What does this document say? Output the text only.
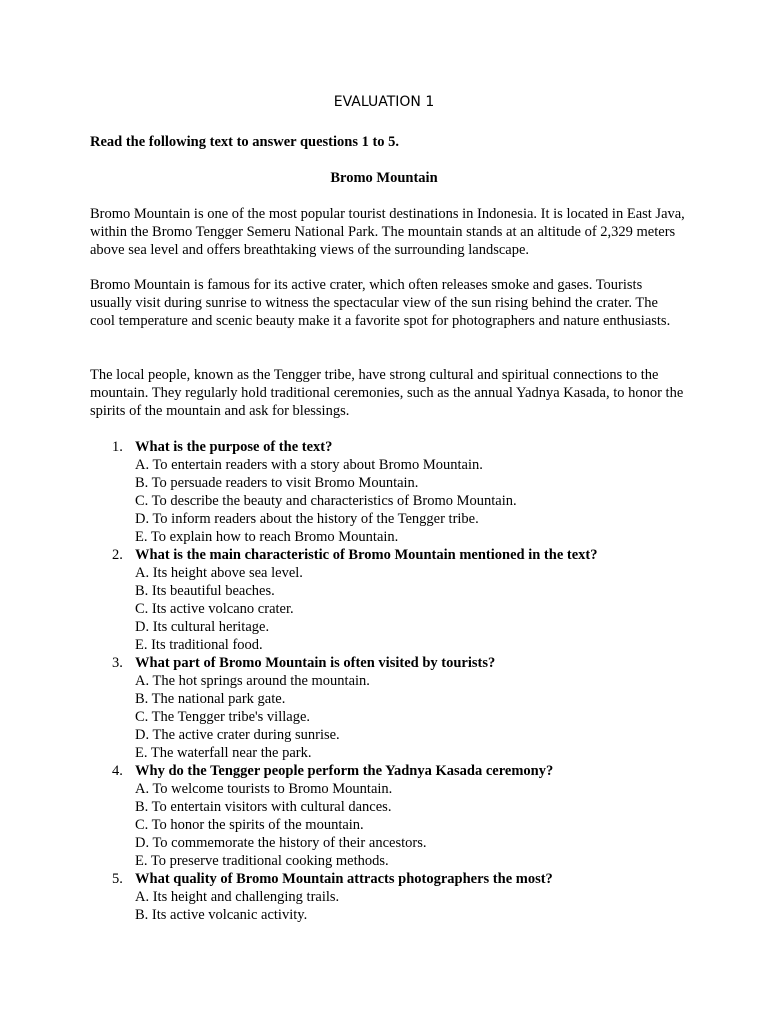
EVALUATION 1
Read the following text to answer questions 1 to 5.
Bromo Mountain

Bromo Mountain is one of the most popular tourist destinations in Indonesia. It is located in East Java, within the Bromo Tengger Semeru National Park. The mountain stands at an altitude of 2,329 meters above sea level and offers breathtaking views of the surrounding landscape.

Bromo Mountain is famous for its active crater, which often releases smoke and gases. Tourists usually visit during sunrise to witness the spectacular view of the sun rising behind the crater. The cool temperature and scenic beauty make it a favorite spot for photographers and nature enthusiasts.

The local people, known as the Tengger tribe, have strong cultural and spiritual connections to the mountain. They regularly hold traditional ceremonies, such as the annual Yadnya Kasada, to honor the spirits of the mountain and ask for blessings.

1. What is the purpose of the text?
A. To entertain readers with a story about Bromo Mountain.
B. To persuade readers to visit Bromo Mountain.
C. To describe the beauty and characteristics of Bromo Mountain.
D. To inform readers about the history of the Tengger tribe.
E. To explain how to reach Bromo Mountain.
2. What is the main characteristic of Bromo Mountain mentioned in the text?
A. Its height above sea level.
B. Its beautiful beaches.
C. Its active volcano crater.
D. Its cultural heritage.
E. Its traditional food.
3. What part of Bromo Mountain is often visited by tourists?
A. The hot springs around the mountain.
B. The national park gate.
C. The Tengger tribe's village.
D. The active crater during sunrise.
E. The waterfall near the park.
4. Why do the Tengger people perform the Yadnya Kasada ceremony?
A. To welcome tourists to Bromo Mountain.
B. To entertain visitors with cultural dances.
C. To honor the spirits of the mountain.
D. To commemorate the history of their ancestors.
E. To preserve traditional cooking methods.
5. What quality of Bromo Mountain attracts photographers the most?
A. Its height and challenging trails.
B. Its active volcanic activity.
